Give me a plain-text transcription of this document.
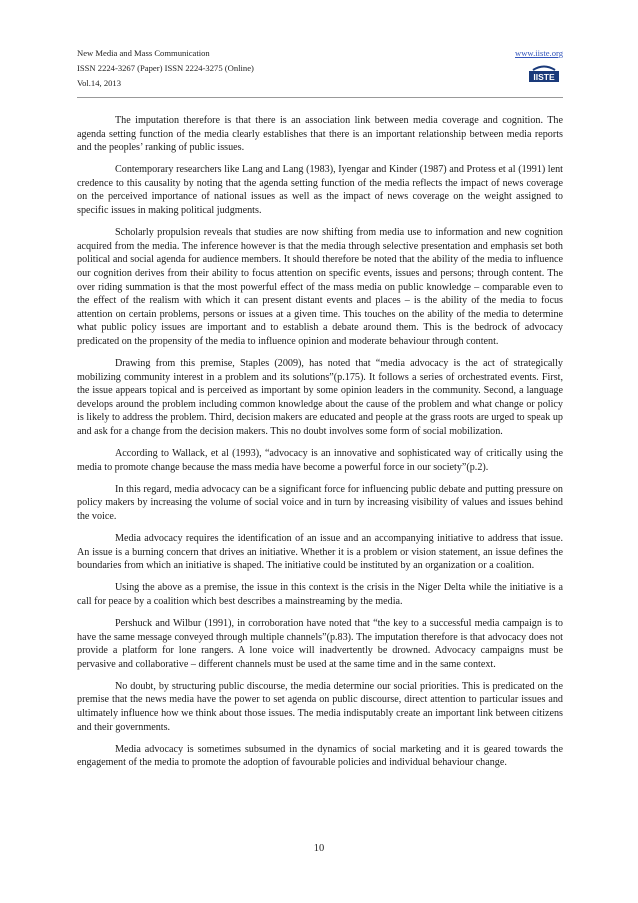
New Media and Mass Communication
ISSN 2224-3267 (Paper) ISSN 2224-3275 (Online)
Vol.14, 2013
www.iiste.org
IISTE

The imputation therefore is that there is an association link between media coverage and cognition. The agenda setting function of the media clearly establishes that there is an important relationship between media reports and the peoples’ ranking of public issues.

Contemporary researchers like Lang and Lang (1983), Iyengar and Kinder (1987) and Protess et al (1991) lent credence to this causality by noting that the agenda setting function of the media reflects the impact of news coverage on the perceived importance of national issues as well as the impact of news coverage on the weight assigned to specific issues in making political judgments.

Scholarly propulsion reveals that studies are now shifting from media use to information and new cognition acquired from the media. The inference however is that the media through selective presentation and emphasis set both political and social agenda for audience members. It should therefore be noted that the ability of the media to influence our cognition derives from their ability to focus attention on specific events, issues and persons; through content. The over riding summation is that the most powerful effect of the mass media on public knowledge – comparable even to the effect of the realism with which it can present distant events and places – is the ability of the media to focus attention on certain problems, persons or issues at a given time. This touches on the ability of the media to determine what public policy issues are important and to establish a debate around them. This is the bedrock of advocacy predicated on the propensity of the media to influence opinion and moderate behaviour through content.

Drawing from this premise, Staples (2009), has noted that “media advocacy is the act of strategically mobilizing community interest in a problem and its solutions”(p.175). It follows a series of orchestrated events. First, the issue appears topical and is perceived as important by some opinion leaders in the community. Second, a language develops around the problem including common knowledge about the cause of the problem and what change or policy is likely to address the problem. Third, decision makers are educated and people at the grass roots are urged to speak up and ask for a change from the decision makers. This no doubt involves some form of social mobilization.

According to Wallack, et al (1993), “advocacy is an innovative and sophisticated way of critically using the media to promote change because the mass media have become a powerful force in our society”(p.2).

In this regard, media advocacy can be a significant force for influencing public debate and putting pressure on policy makers by increasing the volume of social voice and in turn by increasing visibility of values and issues behind the voice.

Media advocacy requires the identification of an issue and an accompanying initiative to address that issue. An issue is a burning concern that drives an initiative. Whether it is a problem or vision statement, an issue defines the boundaries from which an initiative is shaped. The initiative could be instituted by an organization or a coalition.

Using the above as a premise, the issue in this context is the crisis in the Niger Delta while the initiative is a call for peace by a coalition which best describes a mainstreaming by the media.

Pershuck and Wilbur (1991), in corroboration have noted that “the key to a successful media campaign is to have the same message conveyed through multiple channels”(p.83). The imputation therefore is that advocacy does not provide a platform for lone rangers. A lone voice will inadvertently be drowned. Advocacy campaigns must be pervasive and collaborative – different channels must be used at the same time and in the same context.

No doubt, by structuring public discourse, the media determine our social priorities. This is predicated on the premise that the news media have the power to set agenda on public discourse, direct attention to particular issues and ultimately influence how we think about those issues. The media indisputably create an important link between citizens and their governments.

Media advocacy is sometimes subsumed in the dynamics of social marketing and it is geared towards the engagement of the media to promote the adoption of favourable policies and individual behaviour change.

10
